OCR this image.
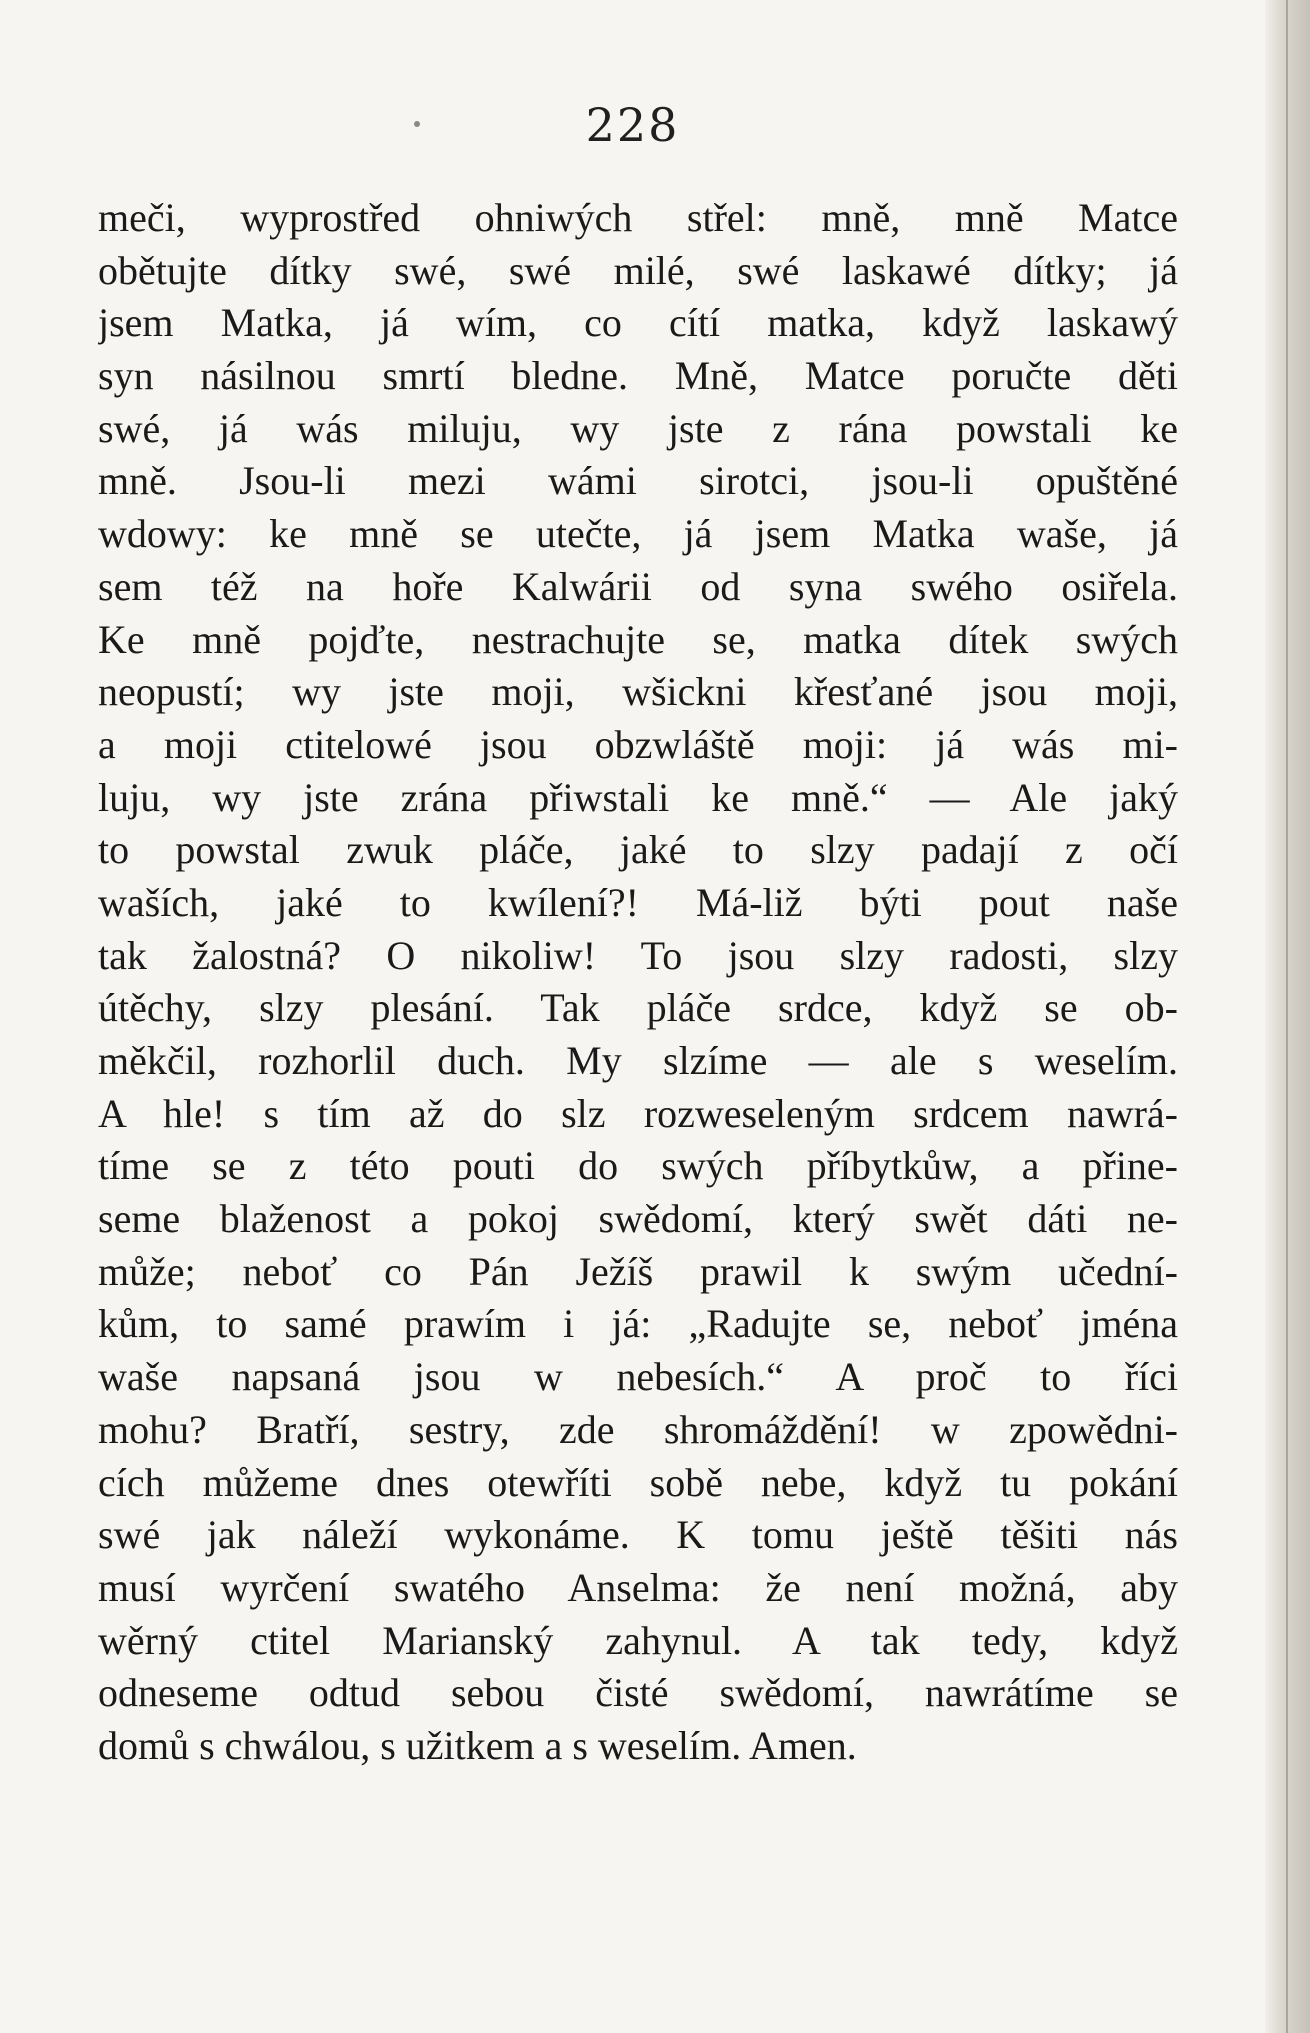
228
meči, wyprostřed ohniwých střel: mně, mně Matce
obětujte dítky swé, swé milé, swé laskawé dítky; já
jsem Matka, já wím, co cítí matka, když laskawý
syn násilnou smrtí bledne. Mně, Matce poručte děti
swé, já wás miluju, wy jste z rána powstali ke
mně. Jsou-li mezi wámi sirotci, jsou-li opuštěné
wdowy: ke mně se utečte, já jsem Matka waše, já
sem též na hoře Kalwárii od syna swého osiřela.
Ke mně pojďte, nestrachujte se, matka dítek swých
neopustí; wy jste moji, wšickni křesťané jsou moji,
a moji ctitelowé jsou obzwláště moji: já wás mi-
luju, wy jste zrána přiwstali ke mně.“ — Ale jaký
to powstal zwuk pláče, jaké to slzy padají z očí
waších, jaké to kwílení?! Má-liž býti pout naše
tak žalostná? O nikoliw! To jsou slzy radosti, slzy
útěchy, slzy plesání. Tak pláče srdce, když se ob-
měkčil, rozhorlil duch. My slzíme — ale s weselím.
A hle! s tím až do slz rozweseleným srdcem nawrá-
tíme se z této pouti do swých příbytkůw, a přine-
seme blaženost a pokoj swědomí, který swět dáti ne-
může; neboť co Pán Ježíš prawil k swým učední-
kům, to samé prawím i já: „Radujte se, neboť jména
waše napsaná jsou w nebesích.“ A proč to říci
mohu? Bratří, sestry, zde shromáždění! w zpowědni-
cích můžeme dnes otewříti sobě nebe, když tu pokání
swé jak náleží wykonáme. K tomu ještě těšiti nás
musí wyrčení swatého Anselma: že není možná, aby
wěrný ctitel Marianský zahynul. A tak tedy, když
odneseme odtud sebou čisté swědomí, nawrátíme se
domů s chwálou, s užitkem a s weselím. Amen.
